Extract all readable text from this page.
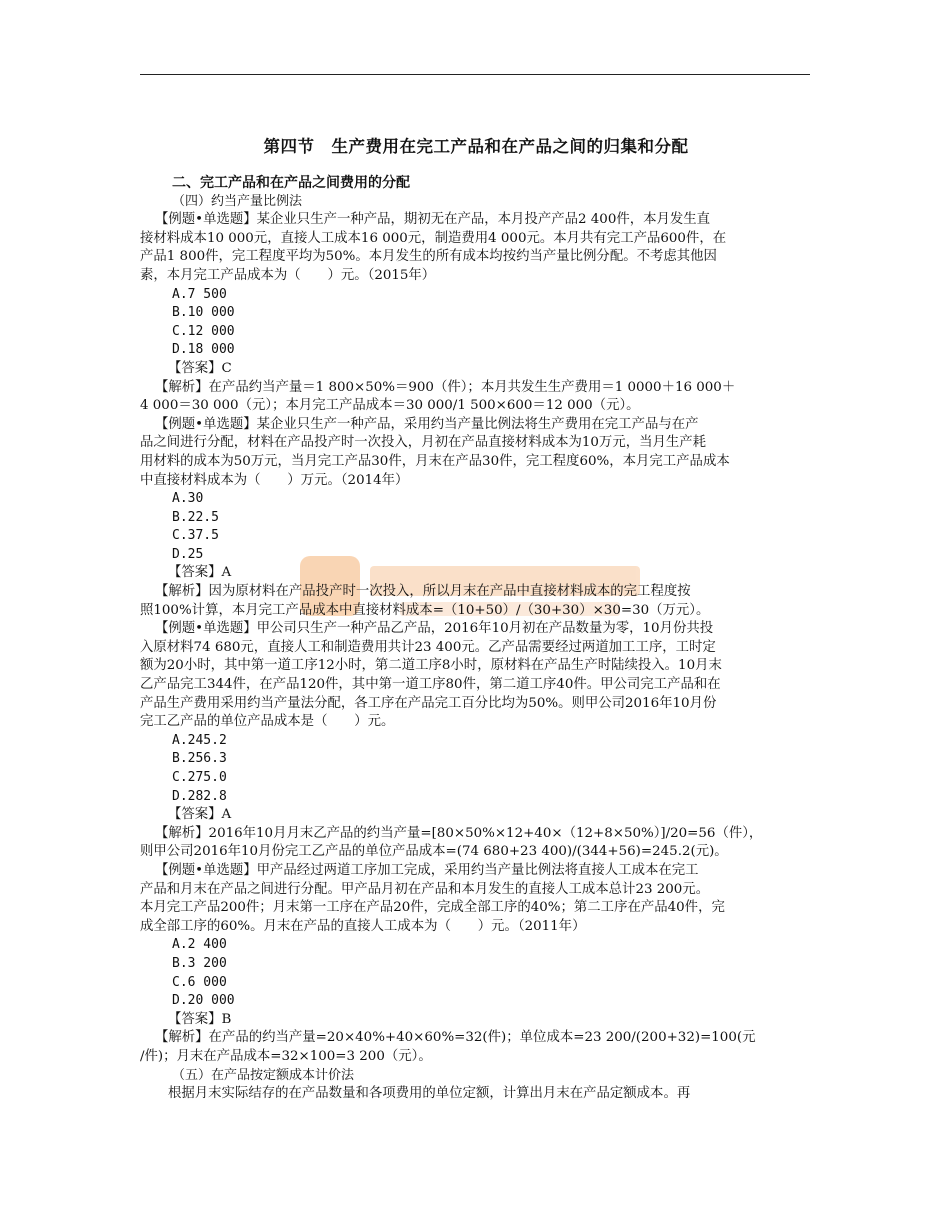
第四节　生产费用在完工产品和在产品之间的归集和分配
二、完工产品和在产品之间费用的分配
（四）约当产量比例法
【例题•单选题】某企业只生产一种产品，期初无在产品，本月投产产品2 400件，本月发生直
接材料成本10 000元，直接人工成本16 000元，制造费用4 000元。本月共有完工产品600件，在
产品1 800件，完工程度平均为50%。本月发生的所有成本均按约当产量比例分配。不考虑其他因
素，本月完工产品成本为（　　）元。（2015年）
A.7 500
B.10 000
C.12 000
D.18 000
【答案】C
【解析】在产品约当产量＝1 800×50%＝900（件）；本月共发生生产费用＝1 0000＋16 000＋
4 000＝30 000（元）；本月完工产品成本＝30 000/1 500×600＝12 000（元）。
【例题•单选题】某企业只生产一种产品，采用约当产量比例法将生产费用在完工产品与在产
品之间进行分配，材料在产品投产时一次投入，月初在产品直接材料成本为10万元，当月生产耗
用材料的成本为50万元，当月完工产品30件，月末在产品30件，完工程度60%，本月完工产品成本
中直接材料成本为（　　）万元。（2014年）
A.30
B.22.5
C.37.5
D.25
【答案】A
【解析】因为原材料在产品投产时一次投入，所以月末在产品中直接材料成本的完工程度按
照100%计算，本月完工产品成本中直接材料成本=（10+50）/（30+30）×30=30（万元）。
【例题•单选题】甲公司只生产一种产品乙产品，2016年10月初在产品数量为零，10月份共投
入原材料74 680元，直接人工和制造费用共计23 400元。乙产品需要经过两道加工工序，工时定
额为20小时，其中第一道工序12小时，第二道工序8小时，原材料在产品生产时陆续投入。10月末
乙产品完工344件，在产品120件，其中第一道工序80件，第二道工序40件。甲公司完工产品和在
产品生产费用采用约当产量法分配，各工序在产品完工百分比均为50%。则甲公司2016年10月份
完工乙产品的单位产品成本是（　　）元。
A.245.2
B.256.3
C.275.0
D.282.8
【答案】A
【解析】2016年10月月末乙产品的约当产量=[80×50%×12+40×（12+8×50%）]/20=56（件），
则甲公司2016年10月份完工乙产品的单位产品成本=(74 680+23 400)/(344+56)=245.2(元)。
【例题•单选题】甲产品经过两道工序加工完成，采用约当产量比例法将直接人工成本在完工
产品和月末在产品之间进行分配。甲产品月初在产品和本月发生的直接人工成本总计23 200元。
本月完工产品200件；月末第一工序在产品20件，完成全部工序的40%；第二工序在产品40件，完
成全部工序的60%。月末在产品的直接人工成本为（　　）元。（2011年）
A.2 400
B.3 200
C.6 000
D.20 000
【答案】B
【解析】在产品的约当产量=20×40%+40×60%=32(件)；单位成本=23 200/(200+32)=100(元
/件)；月末在产品成本=32×100=3 200（元）。
（五）在产品按定额成本计价法
根据月末实际结存的在产品数量和各项费用的单位定额，计算出月末在产品定额成本。再
